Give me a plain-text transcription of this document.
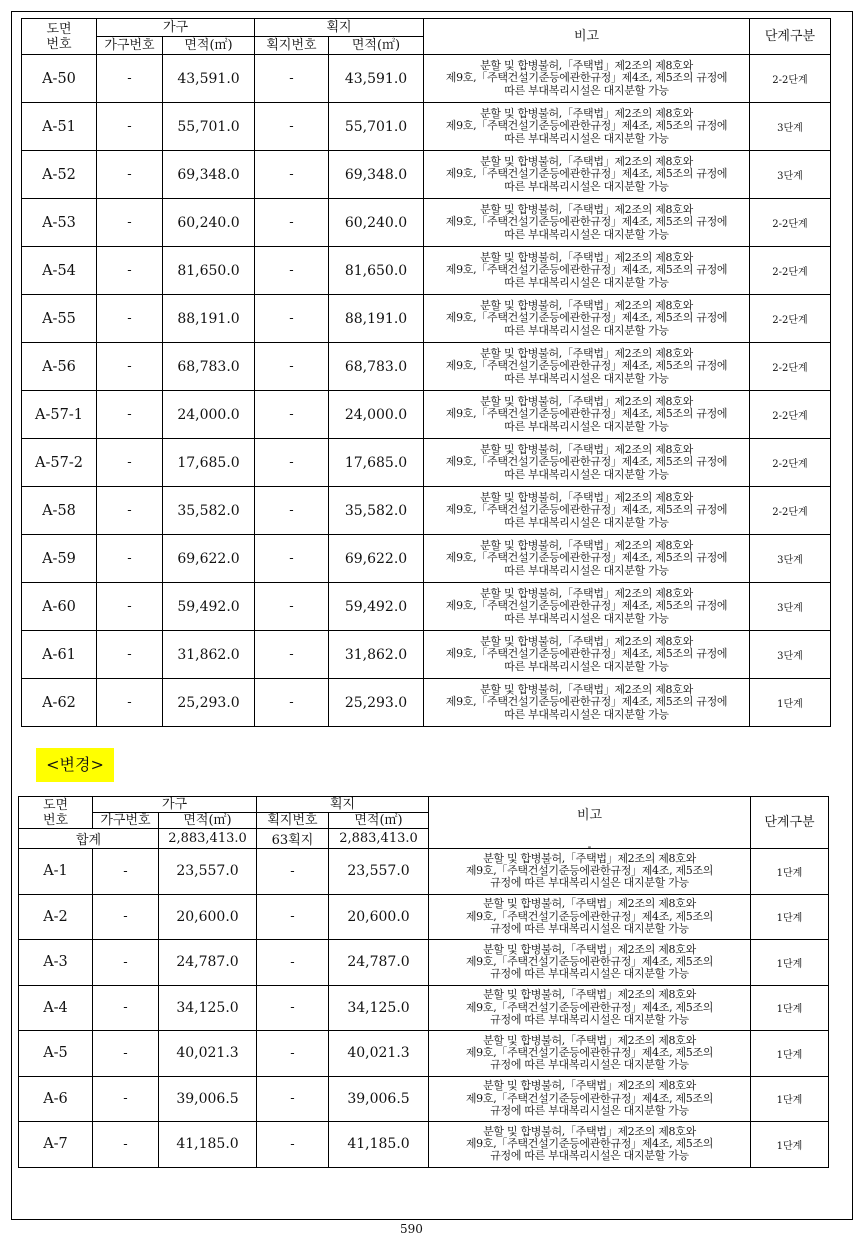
도면
번호	가구		획지		비고	단계구분
	가구번호	면적(㎡)	획지번호	면적(㎡)		
A-50	-	43,591.0	-	43,591.0	분할 및 합병불허,「주택법」제2조의 제8호와
제9호,「주택건설기준등에관한규정」제4조, 제5조의 규정에
따른 부대복리시설은 대지분할 가능	2-2단계
A-51	-	55,701.0	-	55,701.0	분할 및 합병불허,「주택법」제2조의 제8호와
제9호,「주택건설기준등에관한규정」제4조, 제5조의 규정에
따른 부대복리시설은 대지분할 가능	3단계
A-52	-	69,348.0	-	69,348.0	분할 및 합병불허,「주택법」제2조의 제8호와
제9호,「주택건설기준등에관한규정」제4조, 제5조의 규정에
따른 부대복리시설은 대지분할 가능	3단계
A-53	-	60,240.0	-	60,240.0	분할 및 합병불허,「주택법」제2조의 제8호와
제9호,「주택건설기준등에관한규정」제4조, 제5조의 규정에
따른 부대복리시설은 대지분할 가능	2-2단계
A-54	-	81,650.0	-	81,650.0	분할 및 합병불허,「주택법」제2조의 제8호와
제9호,「주택건설기준등에관한규정」제4조, 제5조의 규정에
따른 부대복리시설은 대지분할 가능	2-2단계
A-55	-	88,191.0	-	88,191.0	분할 및 합병불허,「주택법」제2조의 제8호와
제9호,「주택건설기준등에관한규정」제4조, 제5조의 규정에
따른 부대복리시설은 대지분할 가능	2-2단계
A-56	-	68,783.0	-	68,783.0	분할 및 합병불허,「주택법」제2조의 제8호와
제9호,「주택건설기준등에관한규정」제4조, 제5조의 규정에
따른 부대복리시설은 대지분할 가능	2-2단계
A-57-1	-	24,000.0	-	24,000.0	분할 및 합병불허,「주택법」제2조의 제8호와
제9호,「주택건설기준등에관한규정」제4조, 제5조의 규정에
따른 부대복리시설은 대지분할 가능	2-2단계
A-57-2	-	17,685.0	-	17,685.0	분할 및 합병불허,「주택법」제2조의 제8호와
제9호,「주택건설기준등에관한규정」제4조, 제5조의 규정에
따른 부대복리시설은 대지분할 가능	2-2단계
A-58	-	35,582.0	-	35,582.0	분할 및 합병불허,「주택법」제2조의 제8호와
제9호,「주택건설기준등에관한규정」제4조, 제5조의 규정에
따른 부대복리시설은 대지분할 가능	2-2단계
A-59	-	69,622.0	-	69,622.0	분할 및 합병불허,「주택법」제2조의 제8호와
제9호,「주택건설기준등에관한규정」제4조, 제5조의 규정에
따른 부대복리시설은 대지분할 가능	3단계
A-60	-	59,492.0	-	59,492.0	분할 및 합병불허,「주택법」제2조의 제8호와
제9호,「주택건설기준등에관한규정」제4조, 제5조의 규정에
따른 부대복리시설은 대지분할 가능	3단계
A-61	-	31,862.0	-	31,862.0	분할 및 합병불허,「주택법」제2조의 제8호와
제9호,「주택건설기준등에관한규정」제4조, 제5조의 규정에
따른 부대복리시설은 대지분할 가능	3단계
A-62	-	25,293.0	-	25,293.0	분할 및 합병불허,「주택법」제2조의 제8호와
제9호,「주택건설기준등에관한규정」제4조, 제5조의 규정에
따른 부대복리시설은 대지분할 가능	1단계
<변경>
도면
번호	가구		획지		비고
-	단계구분
	가구번호	면적(㎡)	획지번호	면적(㎡)		
합계		2,883,413.0	63획지	2,883,413.0		
A-1	-	23,557.0	-	23,557.0	분할 및 합병불허,「주택법」제2조의 제8호와
제9호,「주택건설기준등에관한규정」제4조, 제5조의
규정에 따른 부대복리시설은 대지분할 가능	1단계
A-2	-	20,600.0	-	20,600.0	분할 및 합병불허,「주택법」제2조의 제8호와
제9호,「주택건설기준등에관한규정」제4조, 제5조의
규정에 따른 부대복리시설은 대지분할 가능	1단계
A-3	-	24,787.0	-	24,787.0	분할 및 합병불허,「주택법」제2조의 제8호와
제9호,「주택건설기준등에관한규정」제4조, 제5조의
규정에 따른 부대복리시설은 대지분할 가능	1단계
A-4	-	34,125.0	-	34,125.0	분할 및 합병불허,「주택법」제2조의 제8호와
제9호,「주택건설기준등에관한규정」제4조, 제5조의
규정에 따른 부대복리시설은 대지분할 가능	1단계
A-5	-	40,021.3	-	40,021.3	분할 및 합병불허,「주택법」제2조의 제8호와
제9호,「주택건설기준등에관한규정」제4조, 제5조의
규정에 따른 부대복리시설은 대지분할 가능	1단계
A-6	-	39,006.5	-	39,006.5	분할 및 합병불허,「주택법」제2조의 제8호와
제9호,「주택건설기준등에관한규정」제4조, 제5조의
규정에 따른 부대복리시설은 대지분할 가능	1단계
A-7	-	41,185.0	-	41,185.0	분할 및 합병불허,「주택법」제2조의 제8호와
제9호,「주택건설기준등에관한규정」제4조, 제5조의
규정에 따른 부대복리시설은 대지분할 가능	1단계
590
